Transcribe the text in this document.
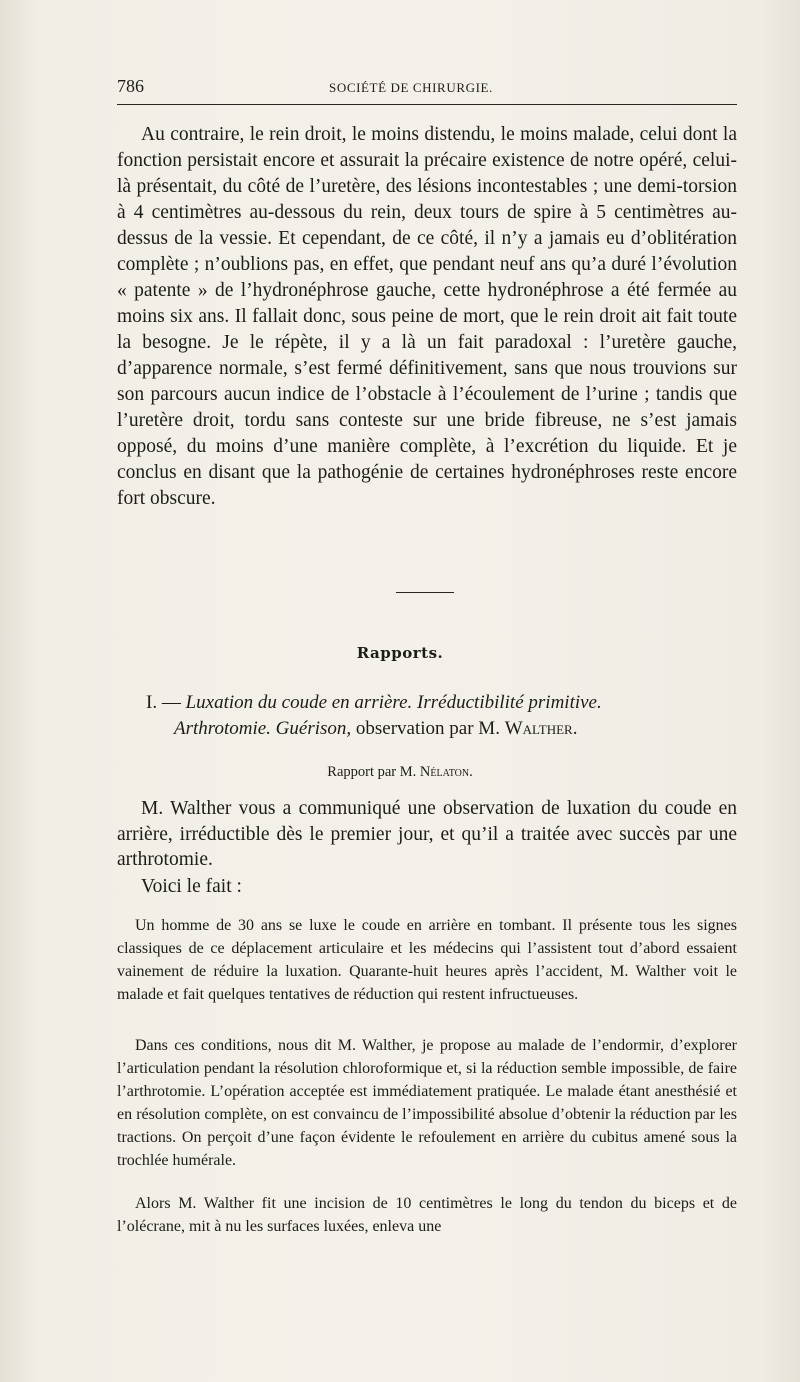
786	SOCIÉTÉ DE CHIRURGIE.
Au contraire, le rein droit, le moins distendu, le moins malade, celui dont la fonction persistait encore et assurait la précaire existence de notre opéré, celui-là présentait, du côté de l’uretère, des lésions incontestables ; une demi-torsion à 4 centimètres au-dessous du rein, deux tours de spire à 5 centimètres au-dessus de la vessie. Et cependant, de ce côté, il n’y a jamais eu d’oblitération complète ; n’oublions pas, en effet, que pendant neuf ans qu’a duré l’évolution « patente » de l’hydronéphrose gauche, cette hydronéphrose a été fermée au moins six ans. Il fallait donc, sous peine de mort, que le rein droit ait fait toute la besogne. Je le répète, il y a là un fait paradoxal : l’uretère gauche, d’apparence normale, s’est fermé définitivement, sans que nous trouvions sur son parcours aucun indice de l’obstacle à l’écoulement de l’urine ; tandis que l’uretère droit, tordu sans conteste sur une bride fibreuse, ne s’est jamais opposé, du moins d’une manière complète, à l’excrétion du liquide. Et je conclus en disant que la pathogénie de certaines hydronéphroses reste encore fort obscure.
Rapports.
I. — Luxation du coude en arrière. Irréductibilité primitive.
Arthrotomie. Guérison, observation par M. Walther.
Rapport par M. Nélaton.
M. Walther vous a communiqué une observation de luxation du coude en arrière, irréductible dès le premier jour, et qu’il a traitée avec succès par une arthrotomie.
Voici le fait :
Un homme de 30 ans se luxe le coude en arrière en tombant. Il présente tous les signes classiques de ce déplacement articulaire et les médecins qui l’assistent tout d’abord essaient vainement de réduire la luxation. Quarante-huit heures après l’accident, M. Walther voit le malade et fait quelques tentatives de réduction qui restent infructueuses.
Dans ces conditions, nous dit M. Walther, je propose au malade de l’endormir, d’explorer l’articulation pendant la résolution chloroformique et, si la réduction semble impossible, de faire l’arthrotomie. L’opération acceptée est immédiatement pratiquée. Le malade étant anesthésié et en résolution complète, on est convaincu de l’impossibilité absolue d’obtenir la réduction par les tractions. On perçoit d’une façon évidente le refoulement en arrière du cubitus amené sous la trochlée humérale.
Alors M. Walther fit une incision de 10 centimètres le long du tendon du biceps et de l’olécrane, mit à nu les surfaces luxées, enleva une
